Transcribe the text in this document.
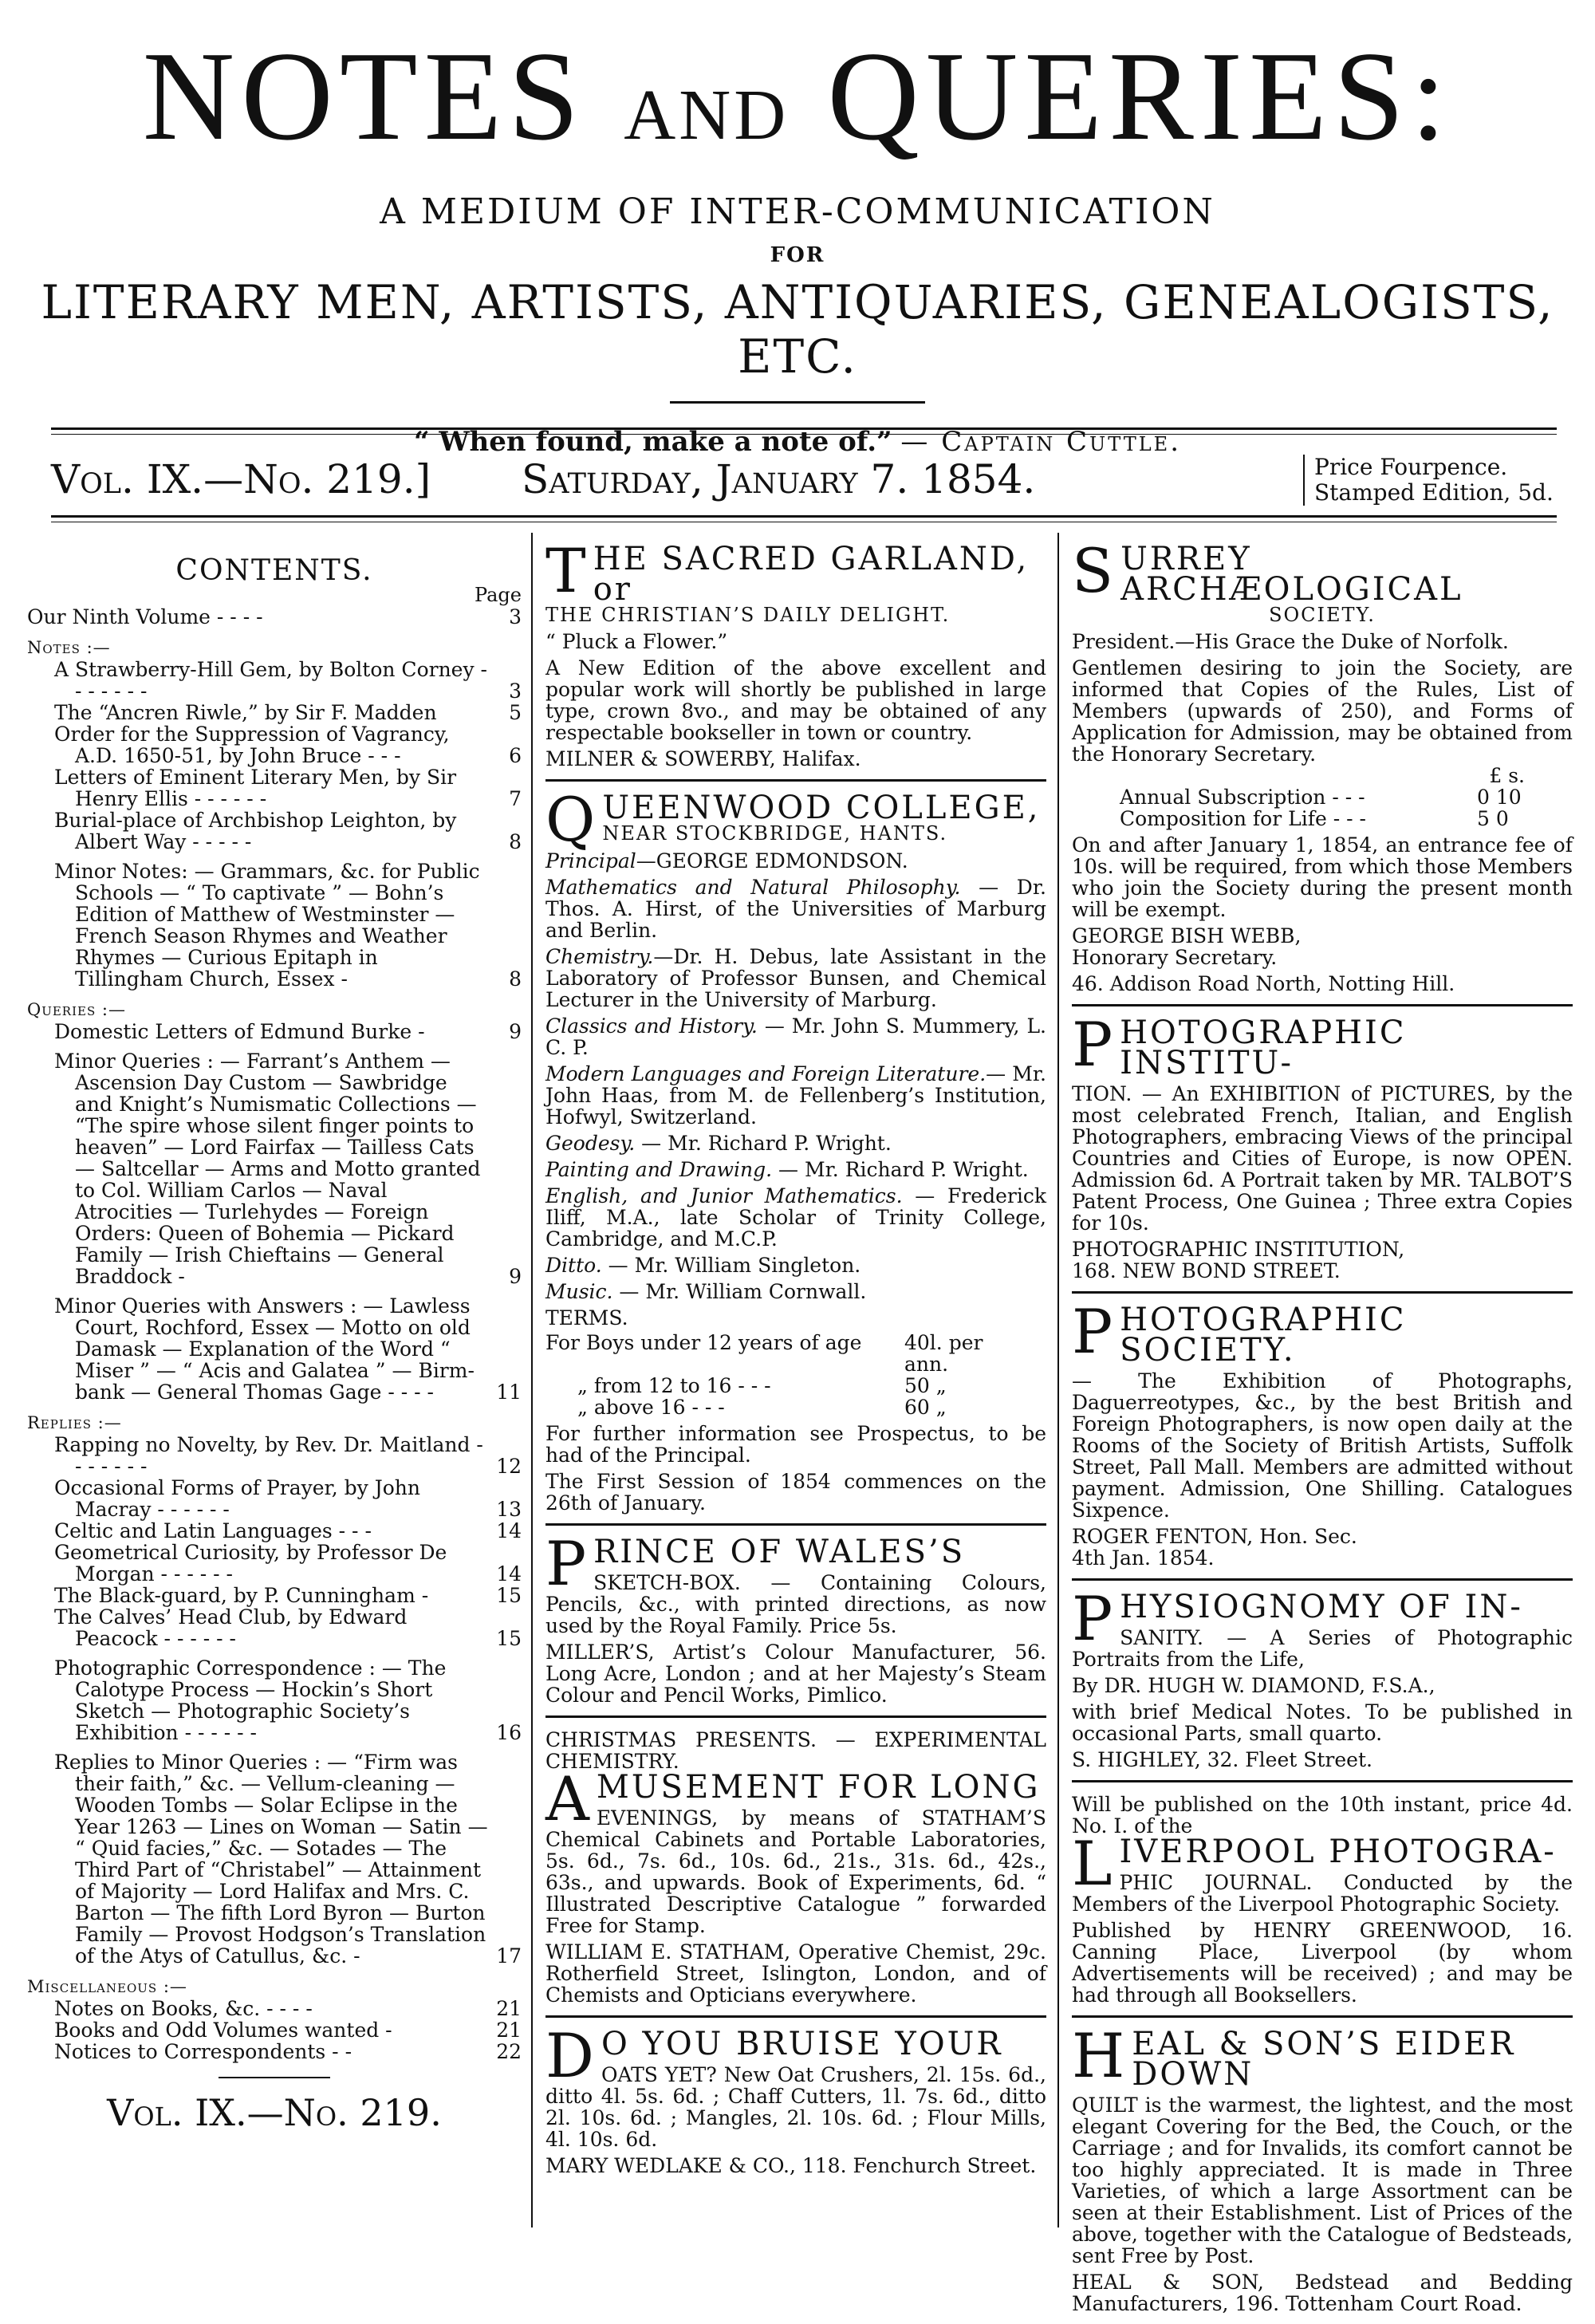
NOTES AND QUERIES:
A MEDIUM OF INTER-COMMUNICATION
FOR
LITERARY MEN, ARTISTS, ANTIQUARIES, GENEALOGISTS, ETC.
“ When found, make a note of.” — Captain Cuttle.
Vol. IX.—No. 219.] Saturday, January 7. 1854.	Price Fourpence.
Stamped Edition, 5d.
CONTENTS.
Page
Our Ninth Volume - - - -	3
Notes :—
A Strawberry-Hill Gem, by Bolton Corney - - - - - - -	3
The “Ancren Riwle,” by Sir F. Madden	5
Order for the Suppression of Vagrancy, A.D. 1650-51, by John Bruce - - -	6
Letters of Eminent Literary Men, by Sir Henry Ellis - - - - - -	7
Burial-place of Archbishop Leighton, by Albert Way - - - - -	8
Minor Notes: — Grammars, &c. for Public Schools — “ To captivate ” — Bohn’s Edition of Matthew of Westminster — French Season Rhymes and Weather Rhymes — Curious Epitaph in Tillingham Church, Essex -	8
Queries :—
Domestic Letters of Edmund Burke -	9
Minor Queries : — Farrant’s Anthem — Ascension Day Custom — Sawbridge and Knight’s Numismatic Collections — “The spire whose silent finger points to heaven” — Lord Fairfax — Tailless Cats — Saltcellar — Arms and Motto granted to Col. William Carlos — Naval Atrocities — Turlehydes — Foreign Orders: Queen of Bohemia — Pickard Family — Irish Chieftains — General Braddock -	9
Minor Queries with Answers : — Lawless Court, Rochford, Essex — Motto on old Damask — Explanation of the Word “ Miser ” — “ Acis and Galatea ” — Birm-bank — General Thomas Gage - - - -	11
Replies :—
Rapping no Novelty, by Rev. Dr. Maitland - - - - - - -	12
Occasional Forms of Prayer, by John Macray - - - - - -	13
Celtic and Latin Languages - - -	14
Geometrical Curiosity, by Professor De Morgan - - - - - -	14
The Black-guard, by P. Cunningham -	15
The Calves’ Head Club, by Edward Peacock - - - - - -	15
Photographic Correspondence : — The Calotype Process — Hockin’s Short Sketch — Photographic Society’s Exhibition - - - - - -	16
Replies to Minor Queries : — “Firm was their faith,” &c. — Vellum-cleaning — Wooden Tombs — Solar Eclipse in the Year 1263 — Lines on Woman — Satin — “ Quid facies,” &c. — Sotades — The Third Part of “Christabel” — Attainment of Majority — Lord Halifax and Mrs. C. Barton — The fifth Lord Byron — Burton Family — Provost Hodgson’s Translation of the Atys of Catullus, &c. -	17
Miscellaneous :—
Notes on Books, &c. - - - -	21
Books and Odd Volumes wanted -	21
Notices to Correspondents - -	22
Vol. IX.—No. 219.
THE SACRED GARLAND, or
THE CHRISTIAN’S DAILY DELIGHT.

“ Pluck a Flower.”

A New Edition of the above excellent and popular work will shortly be published in large type, crown 8vo., and may be obtained of any respectable bookseller in town or country.

MILNER & SOWERBY, Halifax.

QUEENWOOD COLLEGE,
NEAR STOCKBRIDGE, HANTS.

Principal—GEORGE EDMONDSON.

Mathematics and Natural Philosophy. — Dr. Thos. A. Hirst, of the Universities of Marburg and Berlin.

Chemistry.—Dr. H. Debus, late Assistant in the Laboratory of Professor Bunsen, and Chemical Lecturer in the University of Marburg.

Classics and History. — Mr. John S. Mummery, L. C. P.

Modern Languages and Foreign Literature.— Mr. John Haas, from M. de Fellenberg’s Institution, Hofwyl, Switzerland.

Geodesy. — Mr. Richard P. Wright.

Painting and Drawing. — Mr. Richard P. Wright.

English, and Junior Mathematics. — Frederick Iliff, M.A., late Scholar of Trinity College, Cambridge, and M.C.P.

Ditto. — Mr. William Singleton.

Music. — Mr. William Cornwall.

TERMS.

For Boys under 12 years of age	40l. per ann.
„ from 12 to 16 - - -	50 „
„ above 16 - - -	60 „

For further information see Prospectus, to be had of the Principal.

The First Session of 1854 commences on the 26th of January.

PRINCE OF WALES’S

SKETCH-BOX. — Containing Colours, Pencils, &c., with printed directions, as now used by the Royal Family. Price 5s.

MILLER’S, Artist’s Colour Manufacturer, 56. Long Acre, London ; and at her Majesty’s Steam Colour and Pencil Works, Pimlico.

CHRISTMAS PRESENTS. — EXPERIMENTAL CHEMISTRY.

AMUSEMENT FOR LONG

EVENINGS, by means of STATHAM’S Chemical Cabinets and Portable Laboratories, 5s. 6d., 7s. 6d., 10s. 6d., 21s., 31s. 6d., 42s., 63s., and upwards. Book of Experiments, 6d. “ Illustrated Descriptive Catalogue ” forwarded Free for Stamp.

WILLIAM E. STATHAM, Operative Chemist, 29c. Rotherfield Street, Islington, London, and of Chemists and Opticians everywhere.

D O YOU BRUISE YOUR

OATS YET? New Oat Crushers, 2l. 15s. 6d., ditto 4l. 5s. 6d. ; Chaff Cutters, 1l. 7s. 6d., ditto 2l. 10s. 6d. ; Mangles, 2l. 10s. 6d. ; Flour Mills, 4l. 10s. 6d.

MARY WEDLAKE & CO., 118. Fenchurch Street.

SURREY ARCHÆOLOGICAL
SOCIETY.

President.—His Grace the Duke of Norfolk.

Gentlemen desiring to join the Society, are informed that Copies of the Rules, List of Members (upwards of 250), and Forms of Application for Admission, may be obtained from the Honorary Secretary.

£ s.
Annual Subscription - - -	0 10
Composition for Life - - -	5 0

On and after January 1, 1854, an entrance fee of 10s. will be required, from which those Members who join the Society during the present month will be exempt.

GEORGE BISH WEBB,

Honorary Secretary.

46. Addison Road North, Notting Hill.

PHOTOGRAPHIC INSTITU-

TION. — An EXHIBITION of PICTURES, by the most celebrated French, Italian, and English Photographers, embracing Views of the principal Countries and Cities of Europe, is now OPEN. Admission 6d. A Portrait taken by MR. TALBOT’S Patent Process, One Guinea ; Three extra Copies for 10s.

PHOTOGRAPHIC INSTITUTION,

168. NEW BOND STREET.

PHOTOGRAPHIC SOCIETY.

— The Exhibition of Photographs, Daguerreotypes, &c., by the best British and Foreign Photographers, is now open daily at the Rooms of the Society of British Artists, Suffolk Street, Pall Mall. Members are admitted without payment. Admission, One Shilling. Catalogues Sixpence.

ROGER FENTON, Hon. Sec.

4th Jan. 1854.

PHYSIOGNOMY OF IN-

SANITY. — A Series of Photographic Portraits from the Life,

By DR. HUGH W. DIAMOND, F.S.A.,

with brief Medical Notes. To be published in occasional Parts, small quarto.

S. HIGHLEY, 32. Fleet Street.

Will be published on the 10th instant, price 4d. No. I. of the

LIVERPOOL PHOTOGRA-

PHIC JOURNAL. Conducted by the Members of the Liverpool Photographic Society.

Published by HENRY GREENWOOD, 16. Canning Place, Liverpool (by whom Advertisements will be received) ; and may be had through all Booksellers.

HEAL & SON’S EIDER DOWN

QUILT is the warmest, the lightest, and the most elegant Covering for the Bed, the Couch, or the Carriage ; and for Invalids, its comfort cannot be too highly appreciated. It is made in Three Varieties, of which a large Assortment can be seen at their Establishment. List of Prices of the above, together with the Catalogue of Bedsteads, sent Free by Post.

HEAL & SON, Bedstead and Bedding Manufacturers, 196. Tottenham Court Road.
